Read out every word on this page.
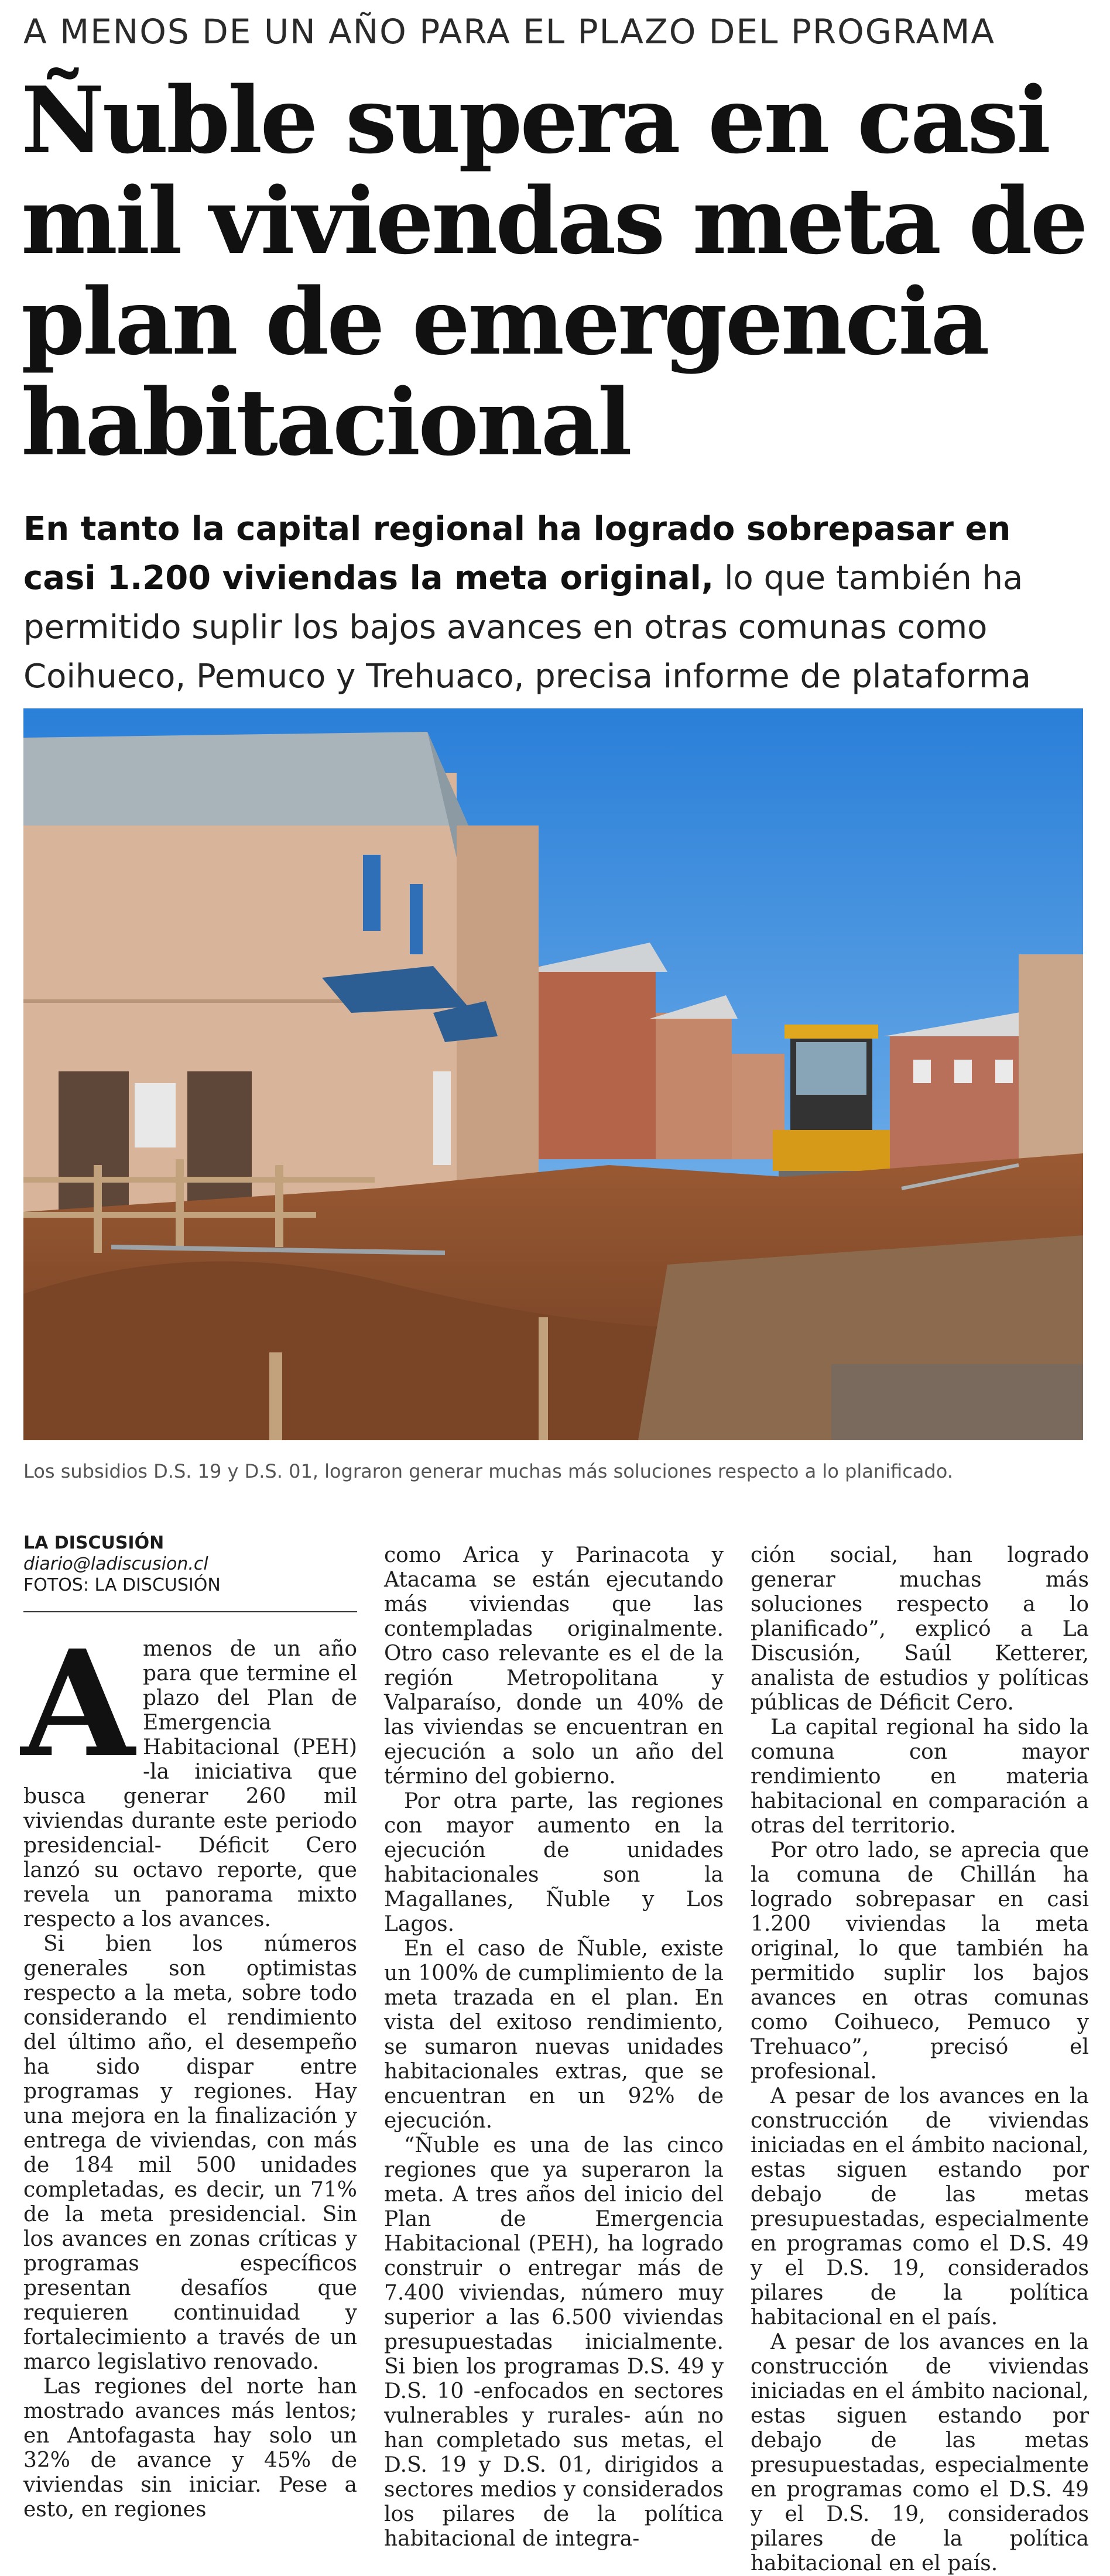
A MENOS DE UN AÑO PARA EL PLAZO DEL PROGRAMA
Ñuble supera en casi mil viviendas meta de plan de emergencia habitacional
En tanto la capital regional ha logrado sobrepasar en casi 1.200 viviendas la meta original, lo que también ha permitido suplir los bajos avances en otras comunas como Coihueco, Pemuco y Trehuaco, precisa informe de plataforma
Los subsidios D.S. 19 y D.S. 01, lograron generar muchas más soluciones respecto a lo planificado.
LA DISCUSIÓN
diario@ladiscusion.cl
FOTOS: LA DISCUSIÓN

Amenos de un año para que termine el plazo del Plan de Emergencia Habitacional (PEH) -la iniciativa que busca generar 260 mil viviendas durante este periodo presidencial- Déficit Cero lanzó su octavo reporte, que revela un panorama mixto respecto a los avances.

Si bien los números generales son optimistas respecto a la meta, sobre todo considerando el rendimiento del último año, el desempeño ha sido dispar entre programas y regiones. Hay una mejora en la finalización y entrega de viviendas, con más de 184 mil 500 unidades completadas, es decir, un 71% de la meta presidencial. Sin los avances en zonas críticas y programas específicos presentan desafíos que requieren continuidad y fortalecimiento a través de un marco legislativo renovado.

Las regiones del norte han mostrado avances más lentos; en Antofagasta hay solo un 32% de avance y 45% de viviendas sin iniciar. Pese a esto, en regiones

como Arica y Parinacota y Atacama se están ejecutando más viviendas que las contempladas originalmente. Otro caso relevante es el de la región Metropolitana y Valparaíso, donde un 40% de las viviendas se encuentran en ejecución a solo un año del término del gobierno.

Por otra parte, las regiones con mayor aumento en la ejecución de unidades habitacionales son la Magallanes, Ñuble y Los Lagos.

En el caso de Ñuble, existe un 100% de cumplimiento de la meta trazada en el plan. En vista del exitoso rendimiento, se sumaron nuevas unidades habitacionales extras, que se encuentran en un 92% de ejecución.

“Ñuble es una de las cinco regiones que ya superaron la meta. A tres años del inicio del Plan de Emergencia Habitacional (PEH), ha logrado construir o entregar más de 7.400 viviendas, número muy superior a las 6.500 viviendas presupuestadas inicialmente. Si bien los programas D.S. 49 y D.S. 10 -enfocados en sectores vulnerables y rurales- aún no han completado sus metas, el D.S. 19 y D.S. 01, dirigidos a sectores medios y considerados los pilares de la política habitacional de integra-

ción social, han logrado generar muchas más soluciones respecto a lo planificado”, explicó a La Discusión, Saúl Ketterer, analista de estudios y políticas públicas de Déficit Cero.

La capital regional ha sido la comuna con mayor rendimiento en materia habitacional en comparación a otras del territorio.

Por otro lado, se aprecia que la comuna de Chillán ha logrado sobrepasar en casi 1.200 viviendas la meta original, lo que también ha permitido suplir los bajos avances en otras comunas como Coihueco, Pemuco y Trehuaco”, precisó el profesional.

A pesar de los avances en la construcción de viviendas iniciadas en el ámbito nacional, estas siguen estando por debajo de las metas presupuestadas, especialmente en programas como el D.S. 49 y el D.S. 19, considerados pilares de la política habitacional en el país.

A pesar de los avances en la construcción de viviendas iniciadas en el ámbito nacional, estas siguen estando por debajo de las metas presupuestadas, especialmente en programas como el D.S. 49 y el D.S. 19, considerados pilares de la política habitacional en el país.
